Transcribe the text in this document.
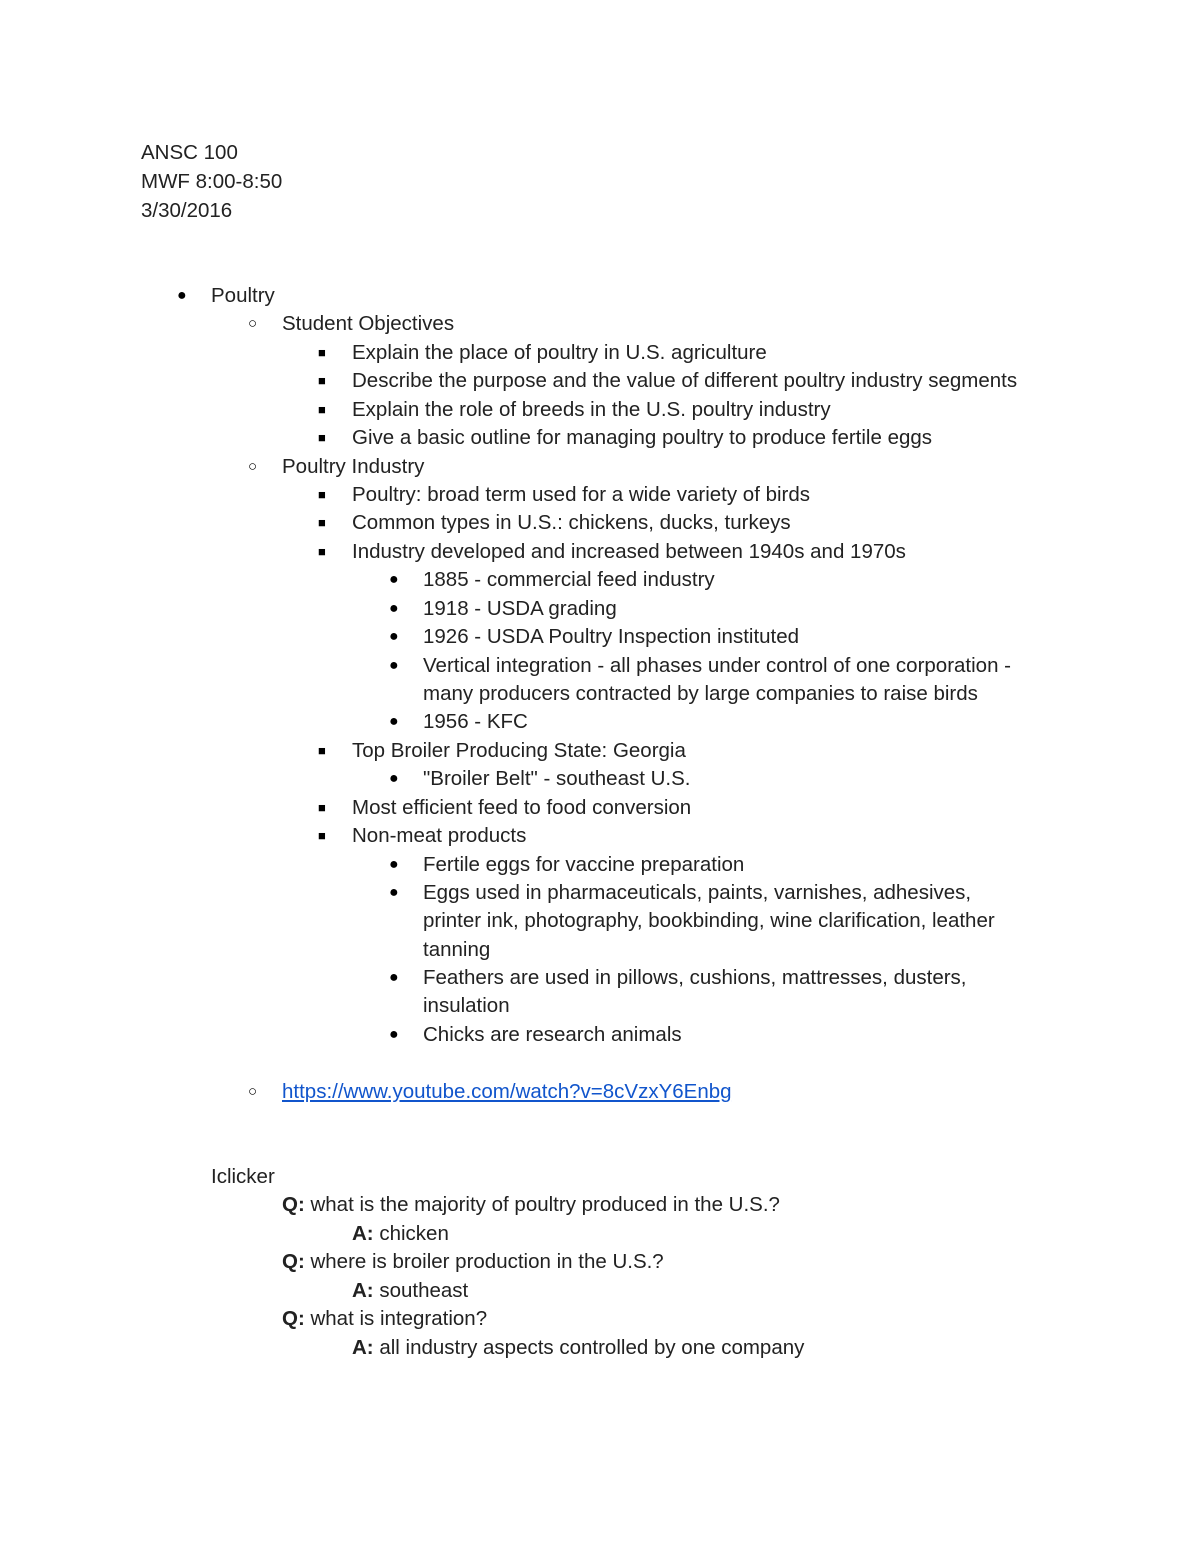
ANSC 100
MWF 8:00-8:50
3/30/2016
● Poultry
○ Student Objectives
■ Explain the place of poultry in U.S. agriculture
■ Describe the purpose and the value of different poultry industry segments
■ Explain the role of breeds in the U.S. poultry industry
■ Give a basic outline for managing poultry to produce fertile eggs
○ Poultry Industry
■ Poultry: broad term used for a wide variety of birds
■ Common types in U.S.: chickens, ducks, turkeys
■ Industry developed and increased between 1940s and 1970s
● 1885 - commercial feed industry
● 1918 - USDA grading
● 1926 - USDA Poultry Inspection instituted
● Vertical integration - all phases under control of one corporation -
many producers contracted by large companies to raise birds
● 1956 - KFC
■ Top Broiler Producing State: Georgia
● "Broiler Belt" - southeast U.S.
■ Most efficient feed to food conversion
■ Non-meat products
● Fertile eggs for vaccine preparation
● Eggs used in pharmaceuticals, paints, varnishes, adhesives,
printer ink, photography, bookbinding, wine clarification, leather
tanning
● Feathers are used in pillows, cushions, mattresses, dusters,
insulation
● Chicks are research animals
○ https://www.youtube.com/watch?v=8cVzxY6Enbg
Iclicker
Q: what is the majority of poultry produced in the U.S.?
A: chicken
Q: where is broiler production in the U.S.?
A: southeast
Q: what is integration?
A: all industry aspects controlled by one company
